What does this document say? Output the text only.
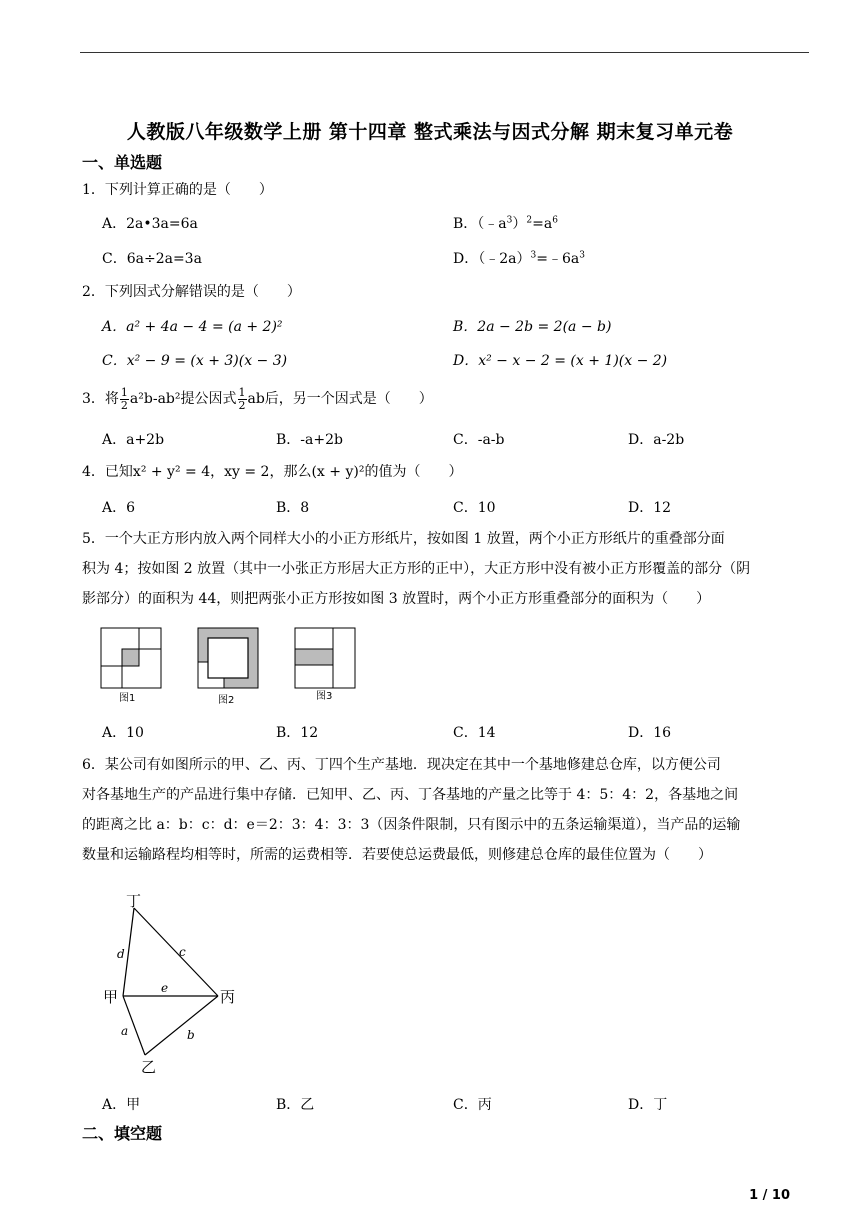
人教版八年级数学上册 第十四章 整式乘法与因式分解 期末复习单元卷
一、单选题
1．下列计算正确的是（　　）
A．2a•3a=6a	B．$(﹣a^3)^2=a^6$
C．6a÷2a=3a	D．$(﹣2a)^3=﹣6a^3$
2．下列因式分解错误的是（　　）
A．a² + 4a − 4 = (a + 2)²	B．2a − 2b = 2(a − b)
C．x² − 9 = (x + 3)(x − 3)	D．x² − x − 2 = (x + 1)(x − 2)
3．将 $\frac{1}{2} a^2b-ab^2$提公因式 $\frac{1}{2}$ ab后，另一个因式是（　　）
A．a+2b	B．-a+2b	C．-a-b	D．a-2b
4．已知x² + y² = 4，xy = 2，那么(x + y)²的值为（　　）
A．6	B．8	C．10	D．12
5．一个大正方形内放入两个同样大小的小正方形纸片，按如图 1 放置，两个小正方形纸片的重叠部分面
积为 4；按如图 2 放置（其中一小张正方形居大正方形的正中），大正方形中没有被小正方形覆盖的部分（阴
影部分）的面积为 44，则把两张小正方形按如图 3 放置时，两个小正方形重叠部分的面积为（　　）
图1	图2	图3
A．10	B．12	C．14	D．16
6．某公司有如图所示的甲、乙、丙、丁四个生产基地．现决定在其中一个基地修建总仓库，以方便公司
对各基地生产的产品进行集中存储．已知甲、乙、丙、丁各基地的产量之比等于 4：5：4：2，各基地之间
的距离之比 a：b：c：d：e＝2：3：4：3：3（因条件限制，只有图示中的五条运输渠道），当产品的运输
数量和运输路程均相等时，所需的运费相等．若要使总运费最低，则修建总仓库的最佳位置为（　　）
丁
甲	丙
乙
d	c
e
a	b
A．甲	B．乙	C．丙	D．丁
二、填空题
1 / 10
